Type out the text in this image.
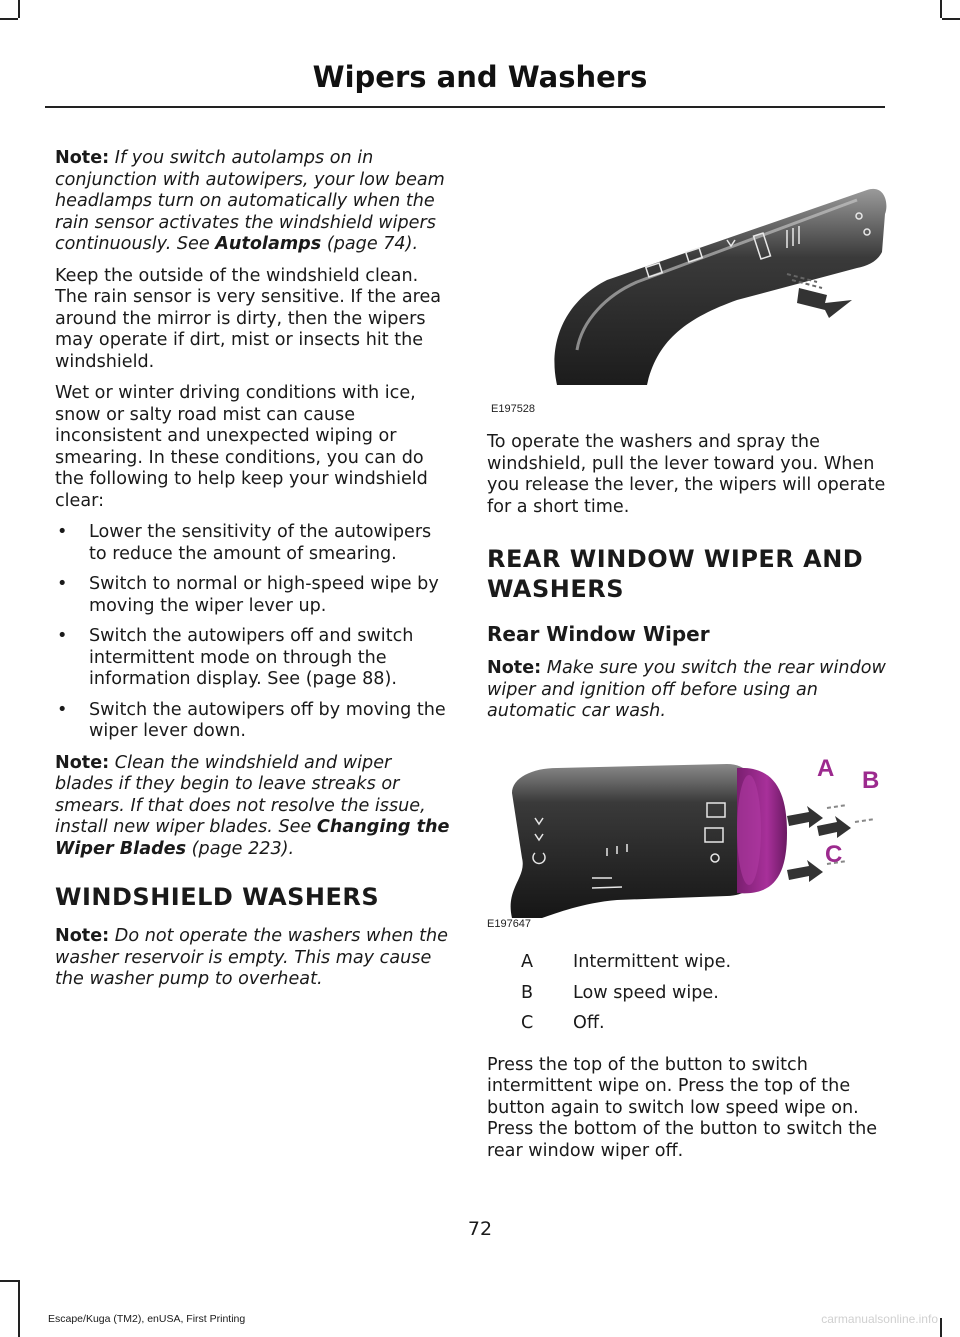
Wipers and Washers

Note: If you switch autolamps on in conjunction with autowipers, your low beam headlamps turn on automatically when the rain sensor activates the windshield wipers continuously. See Autolamps (page 74).

Keep the outside of the windshield clean. The rain sensor is very sensitive. If the area around the mirror is dirty, then the wipers may operate if dirt, mist or insects hit the windshield.

Wet or winter driving conditions with ice, snow or salty road mist can cause inconsistent and unexpected wiping or smearing. In these conditions, you can do the following to help keep your windshield clear:

• Lower the sensitivity of the autowipers to reduce the amount of smearing.
• Switch to normal or high-speed wipe by moving the wiper lever up.
• Switch the autowipers off and switch intermittent mode on through the information display. See (page 88).
• Switch the autowipers off by moving the wiper lever down.

Note: Clean the windshield and wiper blades if they begin to leave streaks or smears. If that does not resolve the issue, install new wiper blades. See Changing the Wiper Blades (page 223).

WINDSHIELD WASHERS

Note: Do not operate the washers when the washer reservoir is empty. This may cause the washer pump to overheat.

E197528

To operate the washers and spray the windshield, pull the lever toward you. When you release the lever, the wipers will operate for a short time.

REAR WINDOW WIPER AND WASHERS
Rear Window Wiper

Note: Make sure you switch the rear window wiper and ignition off before using an automatic car wash.

A B
C
E197647
A	Intermittent wipe.
B	Low speed wipe.
C	Off.

Press the top of the button to switch intermittent wipe on. Press the top of the button again to switch low speed wipe on. Press the bottom of the button to switch the rear window wiper off.

72
Escape/Kuga (TM2), enUSA, First Printing	carmanualsonline.info
